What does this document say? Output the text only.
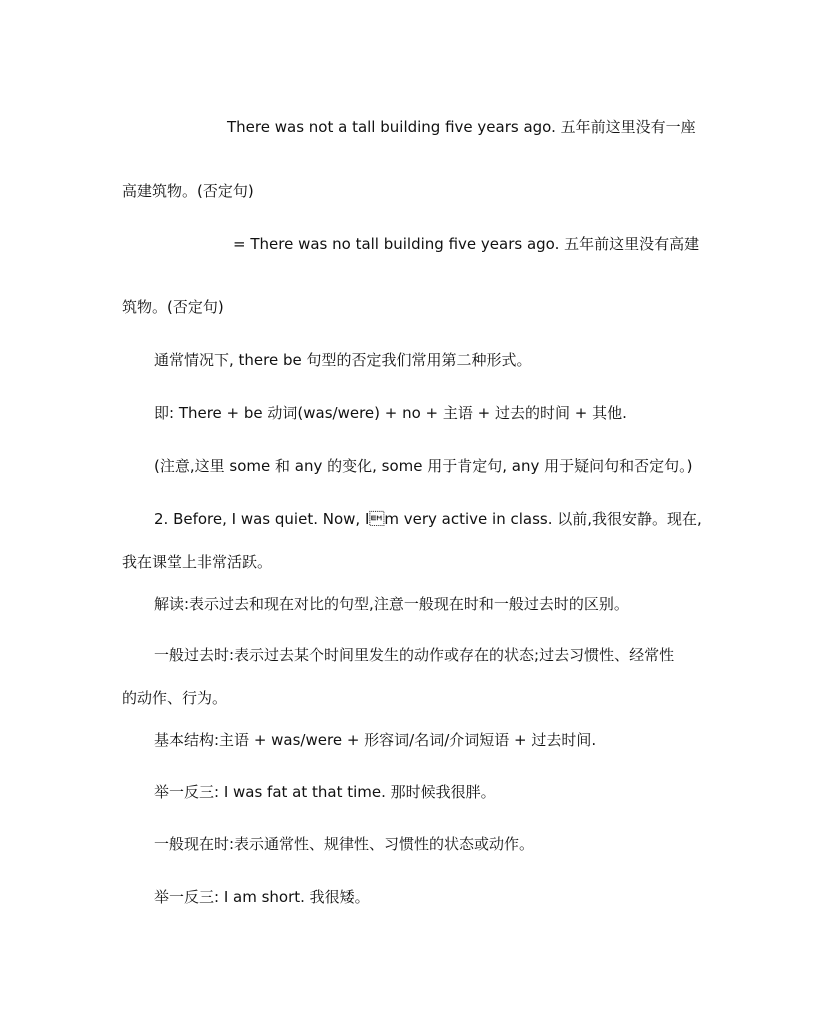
There was not a tall building five years ago. 五年前这里没有一座
高建筑物。(否定句)
= There was no tall building five years ago. 五年前这里没有高建
筑物。(否定句)
通常情况下, there be 句型的否定我们常用第二种形式。
即: There + be 动词(was/were) + no + 主语 + 过去的时间 + 其他.
(注意,这里 some 和 any 的变化, some 用于肯定句, any 用于疑问句和否定句。)
2. Before, I was quiet. Now, Im very active in class. 以前,我很安静。现在,
我在课堂上非常活跃。
解读:表示过去和现在对比的句型,注意一般现在时和一般过去时的区别。
一般过去时:表示过去某个时间里发生的动作或存在的状态;过去习惯性、经常性
的动作、行为。
基本结构:主语 + was/were + 形容词/名词/介词短语 + 过去时间.
举一反三: I was fat at that time. 那时候我很胖。
一般现在时:表示通常性、规律性、习惯性的状态或动作。
举一反三: I am short. 我很矮。
